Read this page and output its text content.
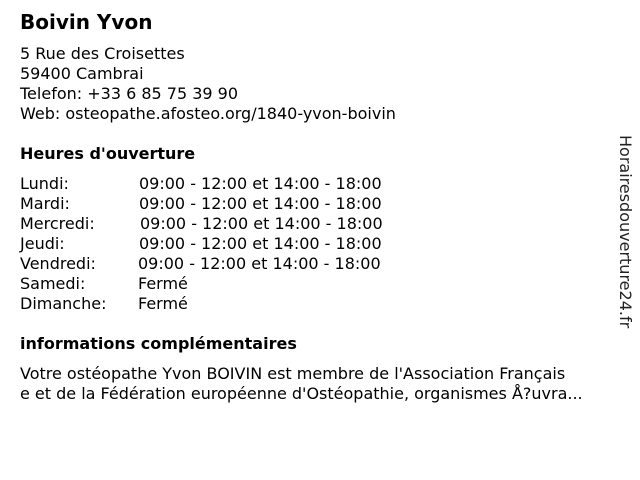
Boivin Yvon
5 Rue des Croisettes
59400 Cambrai
Telefon: +33 6 85 75 39 90
Web: osteopathe.afosteo.org/1840-yvon-boivin
Heures d'ouverture
Lundi:	09:00 - 12:00 et 14:00 - 18:00
Mardi:	09:00 - 12:00 et 14:00 - 18:00
Mercredi:	09:00 - 12:00 et 14:00 - 18:00
Jeudi:	09:00 - 12:00 et 14:00 - 18:00
Vendredi:	09:00 - 12:00 et 14:00 - 18:00
Samedi:	Fermé
Dimanche: Fermé
informations complémentaires
Votre ostéopathe Yvon BOIVIN est membre de l'Association Français
e et de la Fédération européenne d'Ostéopathie, organismes Å?uvra...
Horairesdouverture24.fr
